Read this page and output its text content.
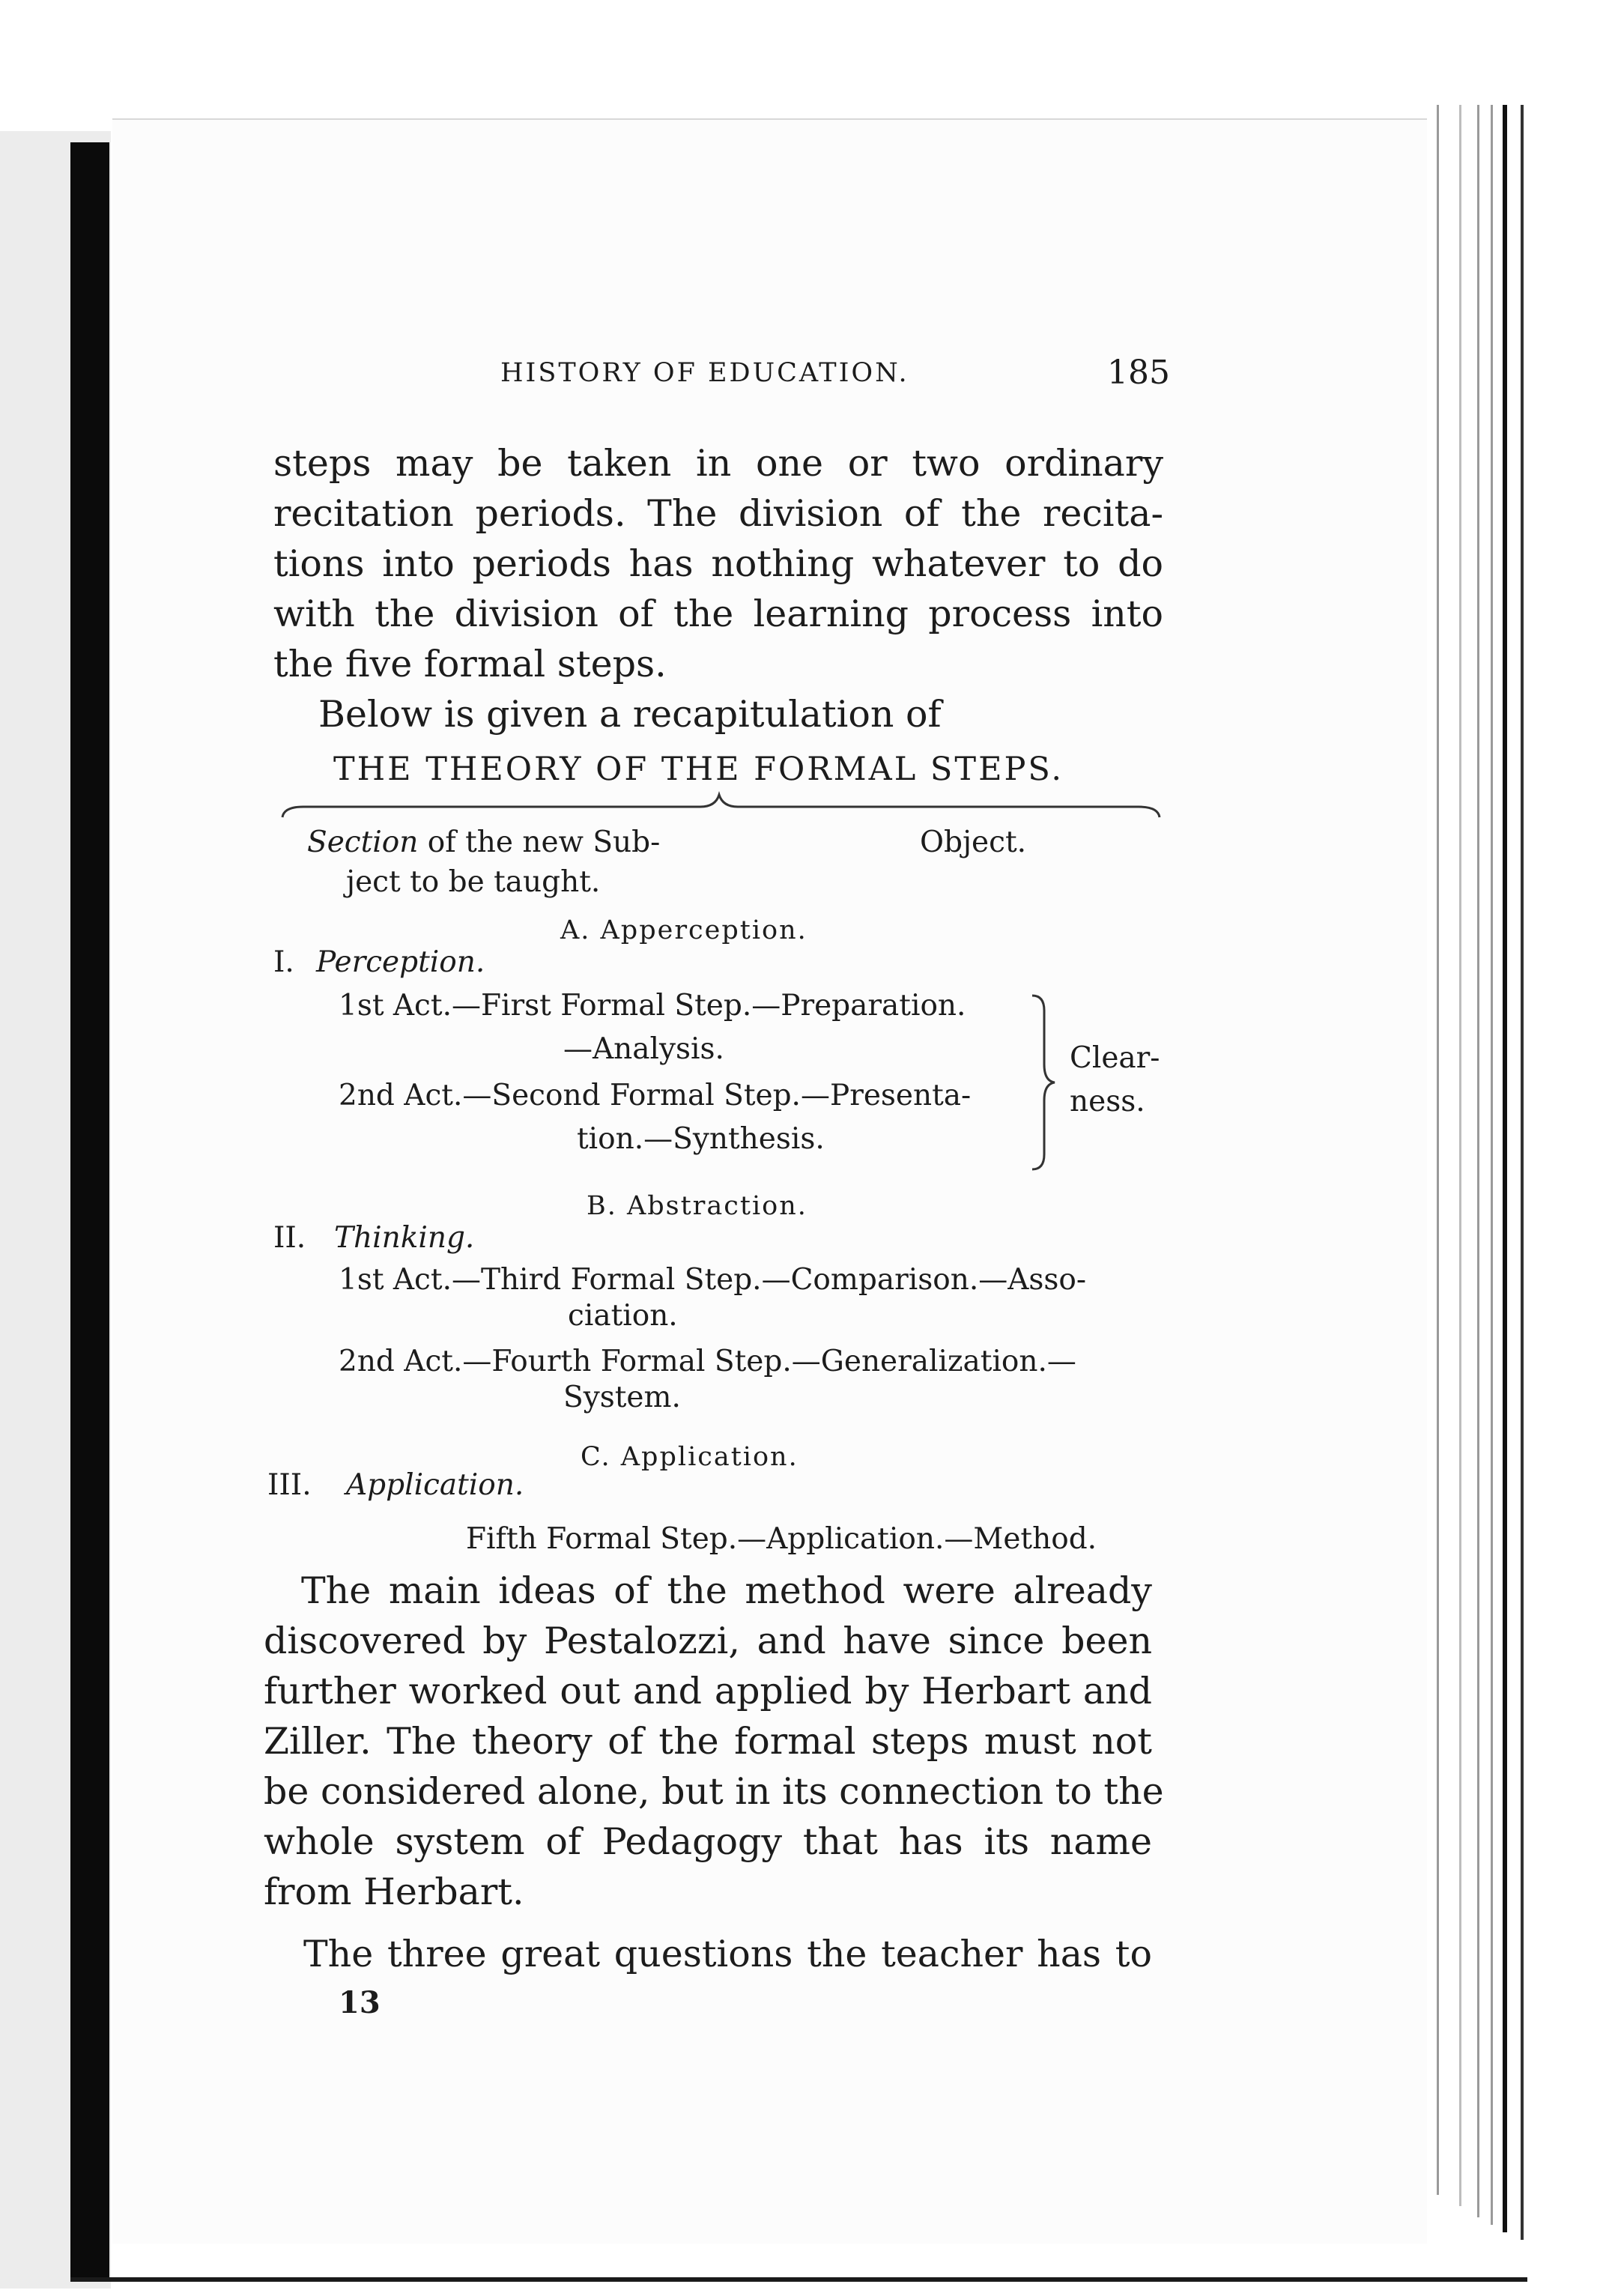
HISTORY OF EDUCATION.	185
steps may be taken in one or two ordinary
recitation periods. The division of the recita-
tions into periods has nothing whatever to do
with the division of the learning process into
the five formal steps.
Below is given a recapitulation of
THE THEORY OF THE FORMAL STEPS.
Section of the new Sub-
ject to be taught.
Object.
A. Apperception.
I. Perception.
1st Act.—First Formal Step.—Preparation.
—Analysis.
2nd Act.—Second Formal Step.—Presenta-
tion.—Synthesis.
Clear-
ness.
B. Abstraction.
II. Thinking.
1st Act.—Third Formal Step.—Comparison.—Asso-
ciation.
2nd Act.—Fourth Formal Step.—Generalization.—
System.
C. Application.
III. Application.
Fifth Formal Step.—Application.—Method.
The main ideas of the method were already
discovered by Pestalozzi, and have since been
further worked out and applied by Herbart and
Ziller. The theory of the formal steps must not
be considered alone, but in its connection to the
whole system of Pedagogy that has its name
from Herbart.
The three great questions the teacher has to
13
